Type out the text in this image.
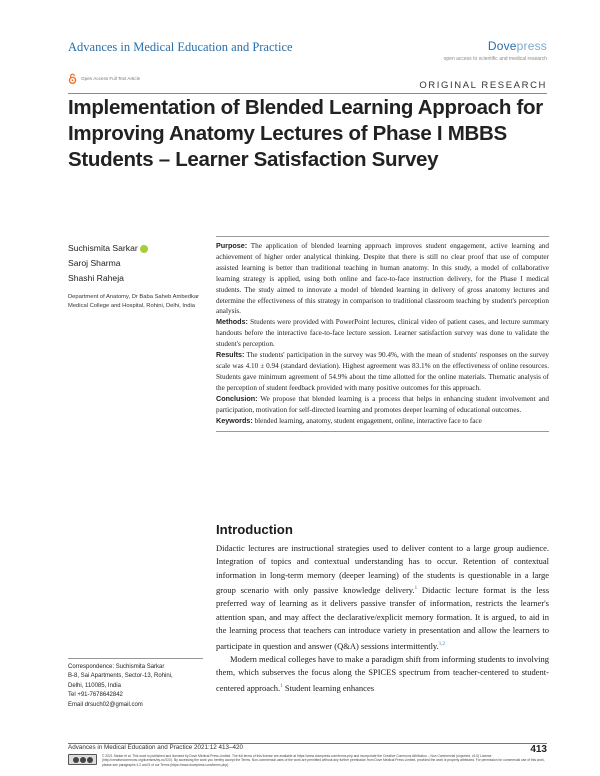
Advances in Medical Education and Practice	Dovepress
open access to scientific and medical research
Open Access Full Text Article
ORIGINAL RESEARCH
Implementation of Blended Learning Approach for Improving Anatomy Lectures of Phase I MBBS Students – Learner Satisfaction Survey
Suchismita Sarkar
Saroj Sharma
Shashi Raheja
Department of Anatomy, Dr Baba Saheb Ambedkar Medical College and Hospital, Rohini, Delhi, India

Purpose: The application of blended learning approach improves student engagement, active learning and achievement of higher order analytical thinking. Despite that there is still no clear proof that use of computer assisted learning is better than traditional teaching in human anatomy. In this study, a model of collaborative learning strategy is applied, using both online and face-to-face instruction delivery, for the Phase I medical students. The study aimed to innovate a model of blended learning in delivery of gross anatomy lectures and determine the effectiveness of this strategy in comparison to traditional classroom teaching by student's perception analysis.

Methods: Students were provided with PowerPoint lectures, clinical video of patient cases, and lecture summary handouts before the interactive face-to-face lecture session. Learner satisfaction survey was done to validate the student's perception.

Results: The students' participation in the survey was 90.4%, with the mean of students' responses on the survey scale was 4.10 ± 0.94 (standard deviation). Highest agreement was 83.1% on the effectiveness of online resources. Students gave minimum agreement of 54.9% about the time allotted for the online materials. Thematic analysis of the perception of student feedback provided with many positive outcomes for this approach.

Conclusion: We propose that blended learning is a process that helps in enhancing student involvement and participation, motivation for self-directed learning and promotes deeper learning of educational outcomes.

Keywords: blended learning, anatomy, student engagement, online, interactive face to face

Introduction

Didactic lectures are instructional strategies used to deliver content to a large group audience. Integration of topics and contextual understanding has to occur. Retention of contextual information in long-term memory (deeper learning) of the students is questionable in a large group scenario with only passive knowledge delivery.$^1$ Didactic lecture format is the less preferred way of learning as it delivers passive transfer of information, restricts the learner's attention span, and may affect the declarative/explicit memory formation. It is argued, to aid in the learning process that teachers can introduce variety in presentation and allow the learners to participate in question and answer (Q&A) sessions intermittently.$^{1,2}$

Modern medical colleges have to make a paradigm shift from informing students to involving them, which subserves the focus along the SPICES spectrum from teacher-centered to student-centered approach.$^1$ Student learning enhances

Correspondence: Suchismita Sarkar
B-8, Sai Apartments, Sector-13, Rohini,
Delhi, 110085, India
Tel +91-7678642842
Email drsuch02@gmail.com
Advances in Medical Education and Practice 2021:12 413–420	413
© 2021 Sarkar et al. This work is published and licensed by Dove Medical Press Limited. The full terms of this license are available at https://www.dovepress.com/terms.php and incorporate the Creative Commons Attribution – Non Commercial (unported, v3.0) License (http://creativecommons.org/licenses/by-nc/3.0/). By accessing the work you hereby accept the Terms. Non-commercial uses of the work are permitted without any further permission from Dove Medical Press Limited, provided the work is properly attributed. For permission for commercial use of this work, please see paragraphs 4.2 and 5 of our Terms (https://www.dovepress.com/terms.php).
